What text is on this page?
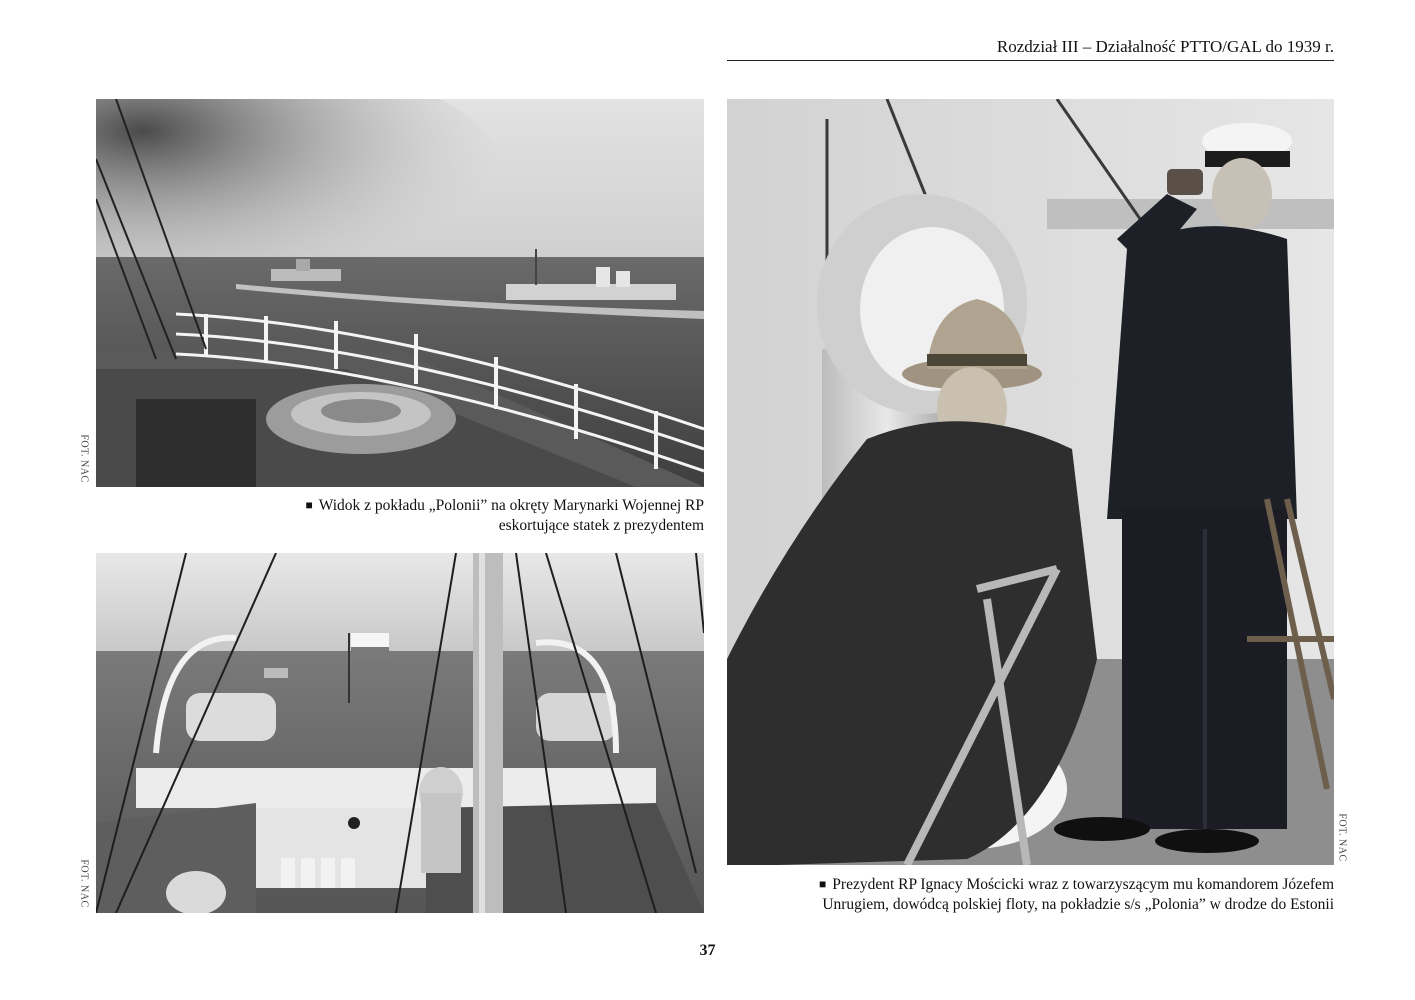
Rozdział III – Działalność PTTO/GAL do 1939 r.
FOT. NAC
■ Widok z pokładu „Polonii” na okręty Marynarki Wojennej RP
eskortujące statek z prezydentem
FOT. NAC
FOT. NAC
■ Prezydent RP Ignacy Mościcki wraz z towarzyszącym mu komandorem Józefem
Unrugiem, dowódcą polskiej floty, na pokładzie s/s „Polonia” w drodze do Estonii
37
